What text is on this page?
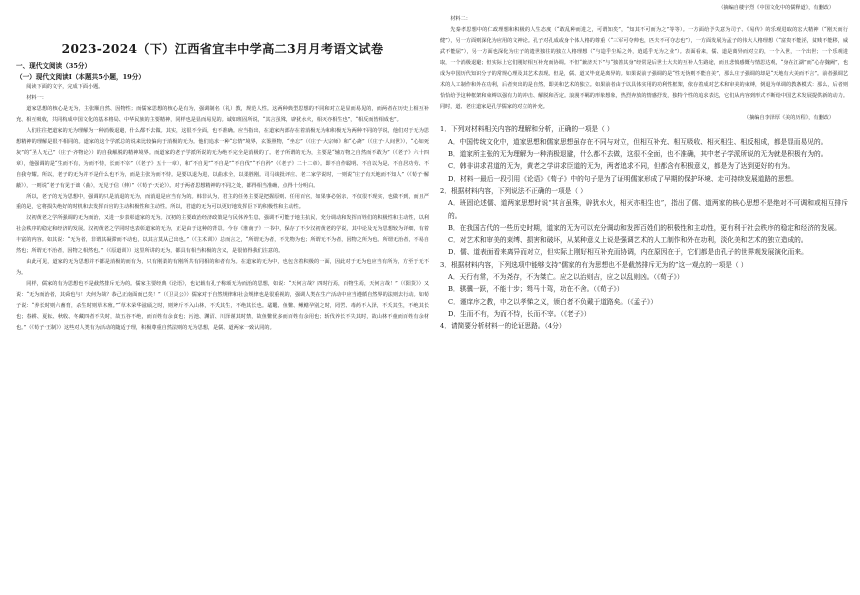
2023-2024（下）江西省宜丰中学高二3月月考语文试卷
一、现代文阅读（35分）
（一）现代文阅读Ⅰ（本题共5小题，19分）
阅读下面的文字，完成下面小题。
材料一：

道家思想的核心是无为，主张顺自然、因物性；而儒家思想的核心是有为，强调制名（礼）教，规范人性。这两种典型思想的不同和对立是显而易见的，而两者在历史上相互补充、相互吸收，共同构成中国文化的基本格局、中华民族的主要精神，同样也是显而易见的。诚如班固所说，“其言虽殊，辟犹水火，相灭亦相生也”，“相反而皆相成也”。

人们往往把道家的无为理解为一种消极退避，什么都不去做。其实，这很不全面，也不准确。应当指出，在道家内部存在着消极无为和积极无为两种不同的学说，他们对于无为思想精神的理解是很不相同的。道家的这个学派总的说来比较偏向于消极的无为。他们追求一种“忘情”境界，玄鉴照物，“坐忘”（《庄子·大宗师》和“心斋”（《庄子·人间世》），“心如死灰”的“圣人无己”（庄子·齐物论））的自我解脱的精神境界。而道家的老子学派所说的无为绝不完全是消极的了。老子所谓的无为，主要是“辅万物之自然而不敢为”（《老子》六十四章），他强调的是“生而不有，为而不恃，长而不宰”（《老子》五十一章），和“不自见”“不自是”“不自伐”“不自矜”（《老子》二十二章）。即不自作聪明、不自以为是、不自居功劳、不自我夸耀。所以，老子的无为并不是什么也不为，而是主张为而不恃。是要以退为进，以曲求全，以柔胜刚。司马谈批评庄、老二家学说时，一则说“庄子有天地而不知人”（《荀子·解蔽》），一则说“老子有见于诎（曲），无见于信（伸）”（《荀子·天论》）。对于两者思想精神的不同之处，都得相当准确，点得十分明白。

所以，老子的无为思想中，强调的只是消退的无为，而消退是应当有为的。韩非认为，君主的任务主要是把握原则、任用百官，如果事必躬亲，不仅很不现实，也做不到，而且严重的是，它将损失绝好的时机和去发挥百官的主动积极性和主动性。所以，君道的无为可以更好地发挥臣下的积极性和主动性。

汉初黄老之学所强调的无为而治，又进一步表彰道家的无为。汉初的主要政治经济政策是与民休养生息，强调不可能于地主抗民，充分调动和发挥百姓们的积极性和主动性，以利社会秩序的稳定和经济的发展。汉初黄老之学同时也表彰道家的无为，正是由于这种的背景。今存《淮南子》一书中，保存了不少汉初黄老的学说，其中论及无为思想较为详细，有着丰富的内容。如其说：“无为者，非谓其凝滞而不动也，以其言莫从己出也。”（《主术训》）总而言之，“所谓无为者，不先物为也；所谓无不为者，因物之所为也。所谓无治者，不易自然也；所谓无不治者，因物之相然也。”（《原道训》）这里所讲的无为，都具有相当积极的含义，是很值得我们注意的。

由此可见，道家的无为思想并不都是消极的而有为，只有刚柔的有刚所共有同相的和者有为。在道家的无为中，也包含着积极的一面，因此对于无为也应当有所为，方至于无不为。

同样，儒家的有为思想也不是截然排斥无为的。儒家主要经典《论语》，也记载有孔子称颂无为而治的思想，如说：“天何言哉？四时行焉，百物生焉，天何言哉！”（《阳货》）又说：“无为而治者，其舜也与！夫何为哉？恭己正南面而已矣！”（《卫灵公》）儒家对于自然规律和社会规律也是很重视的，强调人类在生产活动中应当遵循自然界的法则去行动。如荀子说：“养长时则六畜育，杀生时则草木殖。”“草木荣华滋硕之时，则斧斤不入山林，不夭其生，不绝其长也。鼋鼍、鱼鳖、鳅鳝孕别之时，罔罟、毒药不入泽，不夭其生，不绝其长也；春耕、夏耘、秋收、冬藏四者不失时，故五谷不绝，而百姓有余食也；污池、渊沼、川泽谨其时禁，故鱼鳖优多而百姓有余用也；斩伐养长不失其时，故山林不童而百姓有余材也。”（《荀子·王制》）这些对人类有为活动的随适于理，积极尊重自然法则的无为思想，是儒、道两家一致认同的。

（摘编自楼宇烈《中国文化中的儒释道》，有删改）
材料二：

先秦孝思想中的仁政理想和积极的人生态度（“敢乱种而进之，可谓知矣”，“知其不可而为之”等等）。一方面给予失意为司子、《易传》的乐观进取的宏大精神（“刚天而行健”），另一方面则深化为应用的文神论。孔子对孔成或身个体人格的尊重（“三军可夺帅也，匹夫不可夺志也”），一方面发展为孟子的伟大人格理想（“富贵不能淫，贫贱不能移，威武不能屈”），另一方面也深化为庄子的遗世独往的独立人格理想（“与造乎尘垢之外，逍遥乎无为之业”）。表面看来，儒、道是离异而对立的，一个入世，一个出世；一个乐观进取，一个消极退避；但实际上它们刚好相互补充而协调。不但“兼济天下”与“独善其身”经常是后世士大夫的互补人生路途，而且悲愤感慨与情思达观，“身在江湖”而“心存魏阙”，也成为中国历代知识分子的常规心理及其艺术表现。但是，儒、道又毕竟是离异的。如果说前子强调的是“性无伪则不能自美”，那么庄子强调的却是“天地有大美而不言”。前者强调艺术的人工制作和外在功利，后者突出的是自然，即美和艺术的独立。如果前者由于以具体实用的功利性框架，依存着成对艺术和审美的束缚，倒退为单调的教条模式：那么，后者则恰恰给予这种框架和束缚以强有力的冲击、解脱和否定。浪漫不羁的形象想象，热烈奔放的情感抒发，独特个性的追求表达，它们从内容到形式不断给中国艺术发展提供新的动力。同时，道、老庄道家是孔学儒家的对立的补充。

（摘编自李泽厚《美的历程》，有删改）
1．下列对材料相关内容的理解和分析，正确的一项是（ ）
A．中国传统文化中，道家思想和儒家思想虽存在不同与对立，但相互补充、相互吸收、相灭相生、相反相成，都是显而易见的。
B．道家所主张的无为理解为一种消极退避，什么都不去做，这很不全面，也不准确，其中老子学派所说的无为就是积极有为的。
C．韩非讲求君道的无为，黄老之学讲求臣道的无为，两者追求不同，但都含有积极意义，都是为了达到更好的有为。
D．材料一最后一段引用《论语》《荀子》中的句子是为了证明儒家形成了早期的保护环境、走可持续发展道路的思想。
2．根据材料内容，下列说法不正确的一项是（ ）
A．班固论述儒、道两家思想时说“其言虽殊，辟犹水火，相灭亦相生也”，指出了儒、道两家的核心思想不是绝对不可调和或相互排斥的。
B．在我国古代的一些历史时期，道家的无为可以充分调动和发挥百姓们的积极性和主动性，更有利于社会秩序的稳定和经济的发展。
C．对艺术和审美的束缚、损害和破坏，从某种意义上说是强调艺术的人工制作和外在功利，淡化美和艺术的独立造成的。
D．儒、道表面看来离异而对立，但实际上刚好相互补充而协调，内在原因在于，它们都是由孔子的世界观发展演化而来。
3．根据材料内容，下列选项中能够支持“儒家的有为思想也不是截然排斥无为的”这一观点的一项是（ ）
A．天行有常，不为尧存，不为桀亡。应之以治则吉，应之以乱则凶。（《荀子》）
B．骐骥一跃，不能十步；驽马十驾，功在不舍。（《荀子》）
C．谨庠序之教，申之以孝悌之义，颁白者不负戴于道路矣。（《孟子》）
D．生而不有，为而不恃，长而不宰。（《老子》）
4．请简要分析材料一的论证思路。（4分）
